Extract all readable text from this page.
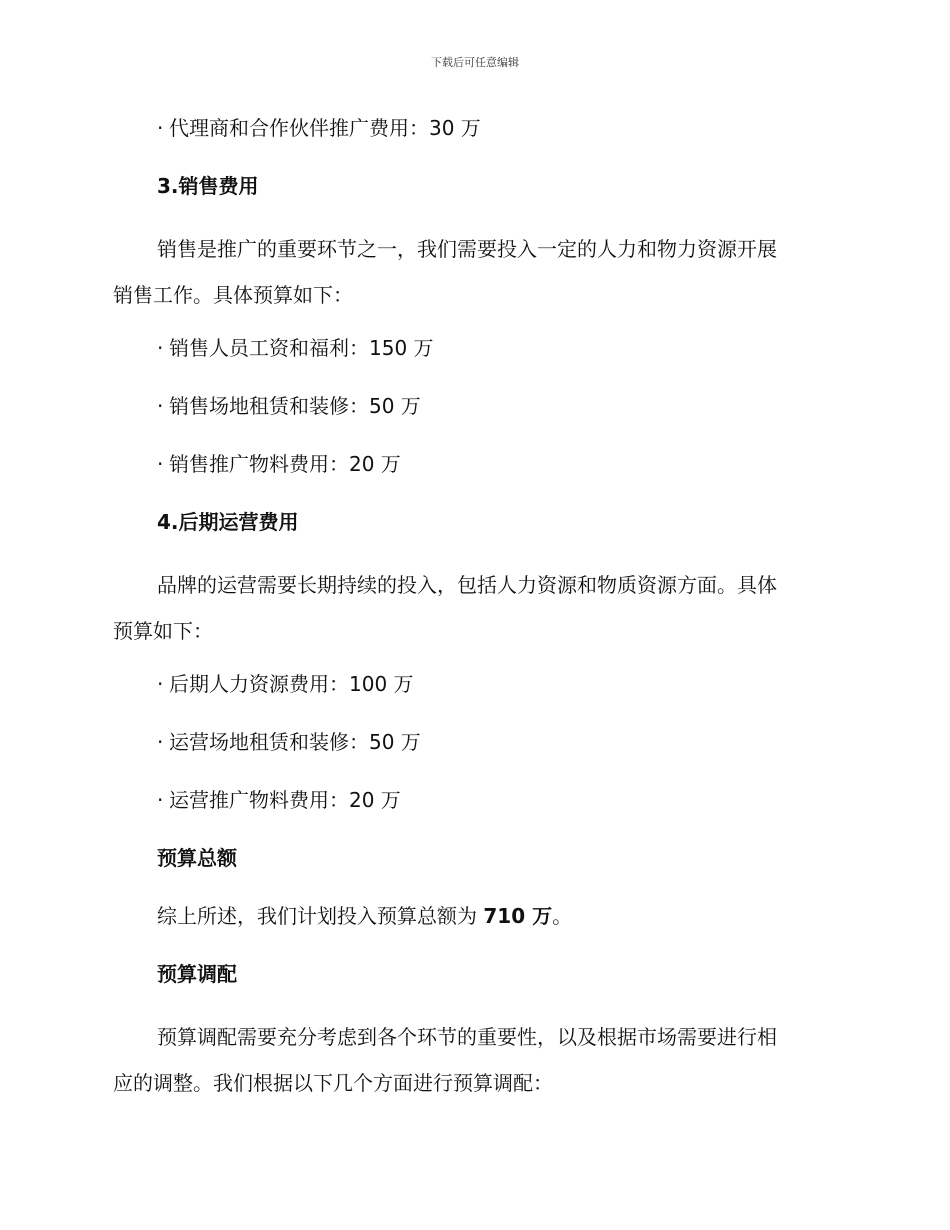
下载后可任意编辑
· 代理商和合作伙伴推广费用：30 万
3.销售费用
销售是推广的重要环节之一，我们需要投入一定的人力和物力资源开展
销售工作。具体预算如下：
· 销售人员工资和福利：150 万
· 销售场地租赁和装修：50 万
· 销售推广物料费用：20 万
4.后期运营费用
品牌的运营需要长期持续的投入，包括人力资源和物质资源方面。具体
预算如下：
· 后期人力资源费用：100 万
· 运营场地租赁和装修：50 万
· 运营推广物料费用：20 万
预算总额
综上所述，我们计划投入预算总额为 710 万。
预算调配
预算调配需要充分考虑到各个环节的重要性，以及根据市场需要进行相
应的调整。我们根据以下几个方面进行预算调配：
